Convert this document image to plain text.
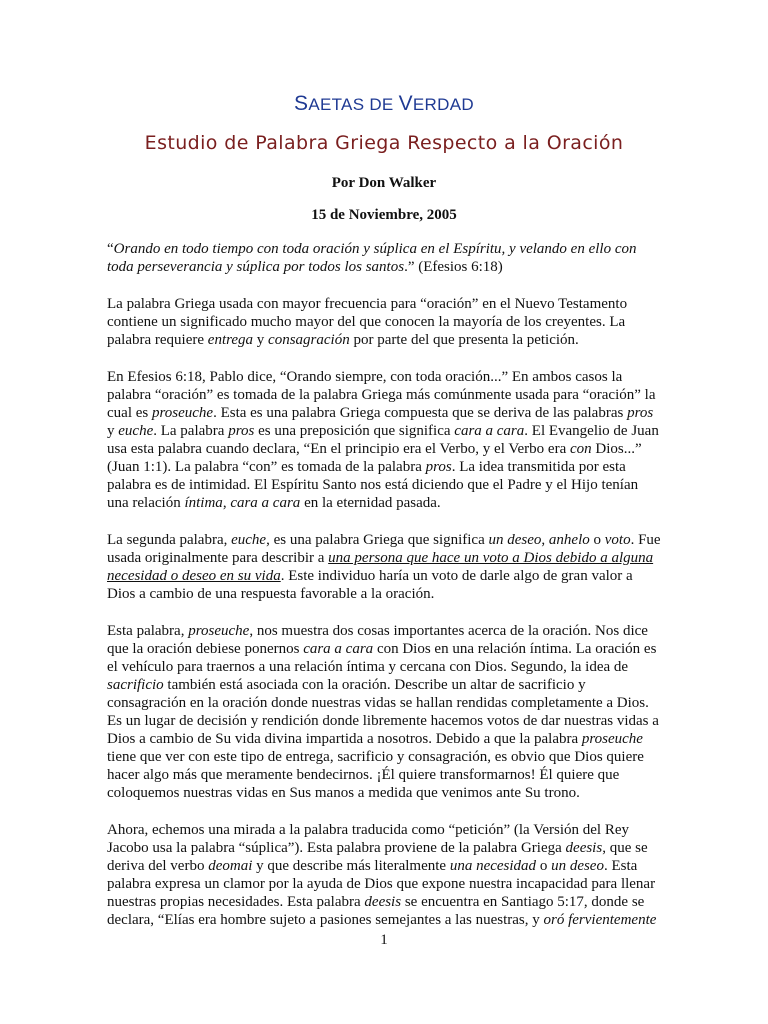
SAETAS DE VERDAD
Estudio de Palabra Griega Respecto a la Oración
Por Don Walker
15 de Noviembre, 2005

“Orando en todo tiempo con toda oración y súplica en el Espíritu, y velando en ello con toda perseverancia y súplica por todos los santos.” (Efesios 6:18)

La palabra Griega usada con mayor frecuencia para “oración” en el Nuevo Testamento contiene un significado mucho mayor del que conocen la mayoría de los creyentes. La palabra requiere entrega y consagración por parte del que presenta la petición.

En Efesios 6:18, Pablo dice, “Orando siempre, con toda oración...” En ambos casos la palabra “oración” es tomada de la palabra Griega más comúnmente usada para “oración” la cual es proseuche. Esta es una palabra Griega compuesta que se deriva de las palabras pros y euche. La palabra pros es una preposición que significa cara a cara. El Evangelio de Juan usa esta palabra cuando declara, “En el principio era el Verbo, y el Verbo era con Dios...” (Juan 1:1). La palabra “con” es tomada de la palabra pros. La idea transmitida por esta palabra es de intimidad. El Espíritu Santo nos está diciendo que el Padre y el Hijo tenían una relación íntima, cara a cara en la eternidad pasada.

La segunda palabra, euche, es una palabra Griega que significa un deseo, anhelo o voto. Fue usada originalmente para describir a una persona que hace un voto a Dios debido a alguna necesidad o deseo en su vida. Este individuo haría un voto de darle algo de gran valor a Dios a cambio de una respuesta favorable a la oración.

Esta palabra, proseuche, nos muestra dos cosas importantes acerca de la oración. Nos dice que la oración debiese ponernos cara a cara con Dios en una relación íntima. La oración es el vehículo para traernos a una relación íntima y cercana con Dios. Segundo, la idea de sacrificio también está asociada con la oración. Describe un altar de sacrificio y consagración en la oración donde nuestras vidas se hallan rendidas completamente a Dios. Es un lugar de decisión y rendición donde libremente hacemos votos de dar nuestras vidas a Dios a cambio de Su vida divina impartida a nosotros. Debido a que la palabra proseuche tiene que ver con este tipo de entrega, sacrificio y consagración, es obvio que Dios quiere hacer algo más que meramente bendecirnos. ¡Él quiere transformarnos! Él quiere que coloquemos nuestras vidas en Sus manos a medida que venimos ante Su trono.

Ahora, echemos una mirada a la palabra traducida como “petición” (la Versión del Rey Jacobo usa la palabra “súplica”). Esta palabra proviene de la palabra Griega deesis, que se deriva del verbo deomai y que describe más literalmente una necesidad o un deseo. Esta palabra expresa un clamor por la ayuda de Dios que expone nuestra incapacidad para llenar nuestras propias necesidades. Esta palabra deesis se encuentra en Santiago 5:17, donde se declara, “Elías era hombre sujeto a pasiones semejantes a las nuestras, y oró fervientemente

1
